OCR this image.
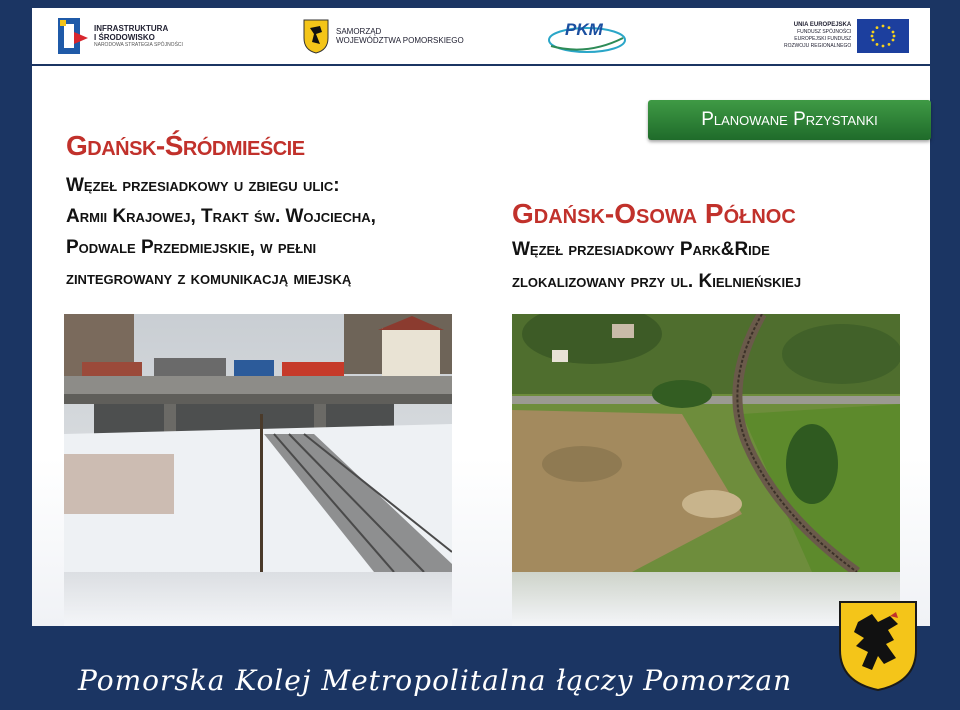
INFRASTRUKTURA
I ŚRODOWISKO
NARODOWA STRATEGIA SPÓJNOŚCI
SAMORZĄD
WOJEWÓDZTWA POMORSKIEGO
PKM	UNIA EUROPEJSKA
FUNDUSZ SPÓJNOŚCI
EUROPEJSKI FUNDUSZ
ROZWOJU REGIONALNEGO
Gdańsk-Śródmieście
Węzeł przesiadkowy u zbiegu ulic:
Armii Krajowej, Trakt św. Wojciecha,
Podwale Przedmiejskie, w pełni
zintegrowany z komunikacją miejską
Planowane Przystanki
Gdańsk-Osowa Północ
Węzeł przesiadkowy Park&Ride
zlokalizowany przy ul. Kielnieńskiej
Pomorska Kolej Metropolitalna łączy Pomorzan
